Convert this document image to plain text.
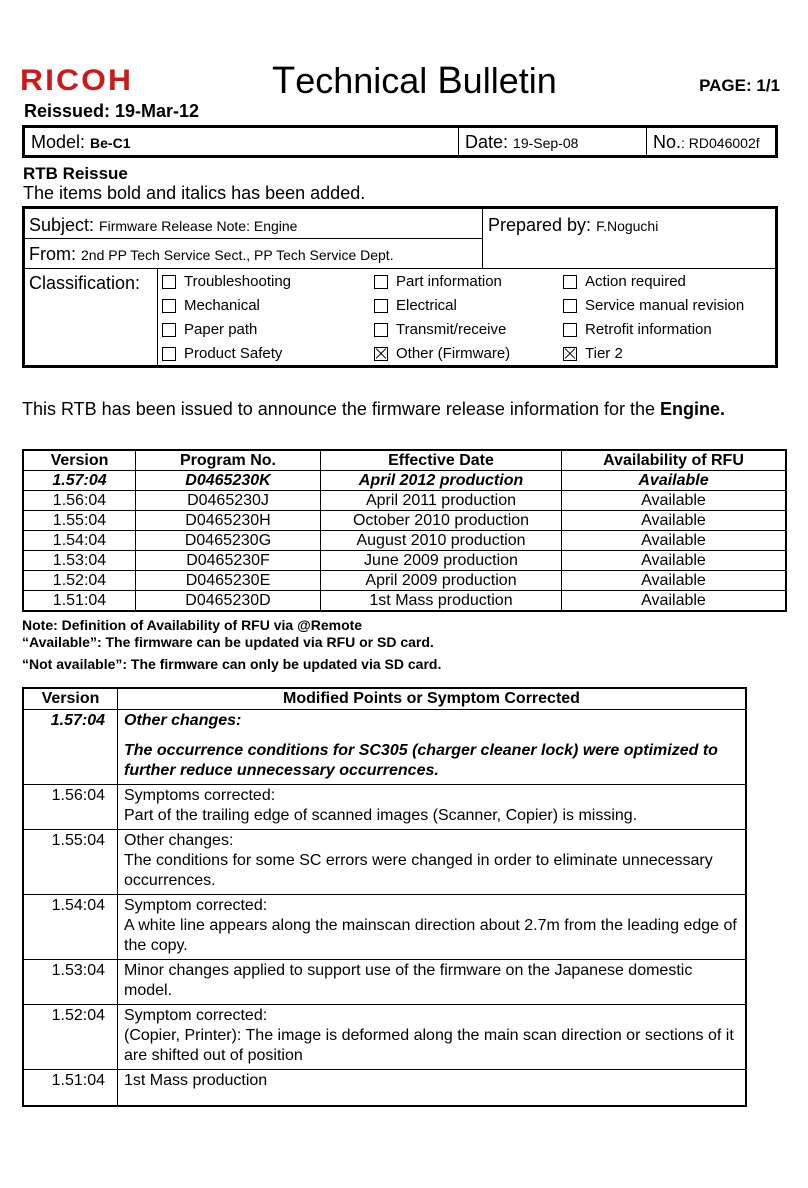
RICOH	Technical Bulletin	PAGE: 1/1
Reissued: 19-Mar-12
Model: Be-C1	Date: 19-Sep-08	No.: RD046002f
RTB Reissue
The items bold and italics has been added.
Subject: Firmware Release Note: Engine	Prepared by: F.Noguchi
From: 2nd PP Tech Service Sect., PP Tech Service Dept.
Classification:	Troubleshooting	Part information	Action required
Mechanical	Electrical	Service manual revision
Paper path	Transmit/receive	Retrofit information
Product Safety	Other (Firmware)	Tier 2
This RTB has been issued to announce the firmware release information for the Engine.
Version	Program No.	Effective Date	Availability of RFU
1.57:04	D0465230K	April 2012 production	Available
1.56:04	D0465230J	April 2011 production	Available
1.55:04	D0465230H	October 2010 production	Available
1.54:04	D0465230G	August 2010 production	Available
1.53:04	D0465230F	June 2009 production	Available
1.52:04	D0465230E	April 2009 production	Available
1.51:04	D0465230D	1st Mass production	Available
Note: Definition of Availability of RFU via @Remote
“Available”: The firmware can be updated via RFU or SD card.
“Not available”: The firmware can only be updated via SD card.
Version	Modified Points or Symptom Corrected
1.57:04	Other changes:
The occurrence conditions for SC305 (charger cleaner lock) were optimized to further reduce unnecessary occurrences.

1.56:04	Symptoms corrected:
Part of the trailing edge of scanned images (Scanner, Copier) is missing.

1.55:04	Other changes:
The conditions for some SC errors were changed in order to eliminate unnecessary occurrences.

1.54:04	Symptom corrected:
A white line appears along the mainscan direction about 2.7m from the leading edge of the copy.

1.53:04	Minor changes applied to support use of the firmware on the Japanese domestic model.

1.52:04	Symptom corrected:
(Copier, Printer): The image is deformed along the main scan direction or sections of it are shifted out of position

1.51:04	1st Mass production
